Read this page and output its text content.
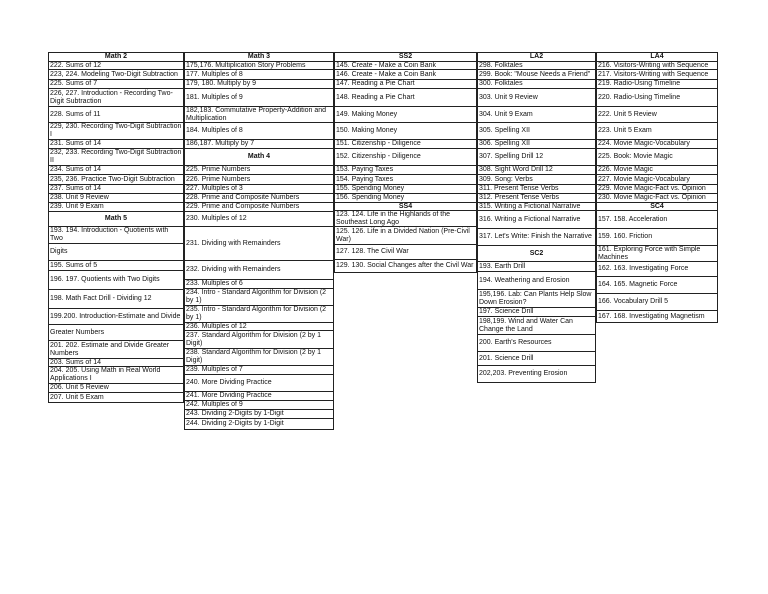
Math 2
222. Sums of 12
223, 224. Modeling Two-Digit Subtraction
225. Sums of 7
226, 227. Introduction - Recording Two-Digit Subtraction
228. Sums of 11
229, 230. Recording Two-Digit Subtraction I
231. Sums of 14
232, 233. Recording Two-Digit Subtraction II
234. Sums of 14
235, 236. Practice Two-Digit Subtraction
237. Sums of 14
238. Unit 9 Review
239. Unit 9 Exam
Math 5
193. 194. Introduction - Quotients with Two
Digits
195. Sums of 5
196. 197. Quotients with Two Digits
198. Math Fact Drill - Dividing 12
199.200. Introduction-Estimate and Divide
Greater Numbers
201. 202. Estimate and Divide Greater Numbers
203. Sums of 14
204. 205. Using Math in Real World Applications I
206. Unit 5 Review
207. Unit 5 Exam
Math 3
175,176. Multiplication Story Problems
177. Multiples of 8
179, 180. Multiply by 9
181. Multiples of 9
182,183. Commutative Property-Addition and Multiplication
184. Multiples of 8
186,187. Multiply by 7
Math 4
225. Prime Numbers
226. Prime Numbers
227. Multiples of 3
228. Prime and Composite Numbers
229. Prime and Composite Numbers
230. Multiples of 12
231. Dividing with Remainders
232. Dividing with Remainders
233. Multiples of 6
234. Intro - Standard Algorithm for Division (2 by 1)
235. Intro - Standard Algorithm for Division (2 by 1)
236. Multiples of 12
237. Standard Algorithm for Division (2 by 1 Digit)
238. Standard Algorithm for Division (2 by 1 Digit)
239. Multiples of 7
240. More Dividing Practice
241. More Dividing Practice
242. Multiples of 9
243. Dividing 2-Digits by 1-Digit
244. Dividing 2-Digits by 1-Digit
SS2
145. Create - Make a Coin Bank
146. Create - Make a Coin Bank
147. Reading a Pie Chart
148. Reading a Pie Chart
149. Making Money
150. Making Money
151. Citizenship - Diligence
152. Citizenship - Diligence
153. Paying Taxes
154. Paying Taxes
155. Spending Money
156. Spending Money
SS4
123. 124. Life in the Highlands of the Southeast Long Ago
125. 126. Life in a Divided Nation (Pre-Civil War)
127. 128. The Civil War
129. 130. Social Changes after the Civil War
LA2
298. Folktales
299. Book: "Mouse Needs a Friend"
300. Folktales
303. Unit 9 Review
304. Unit 9 Exam
305. Spelling XII
306. Spelling XII
307. Spelling Drill 12
308. Sight Word Drill 12
309. Song: Verbs
311. Present Tense Verbs
312. Present Tense Verbs
315. Writing a Fictional Narrative
316. Writing a Fictional Narrative
317. Let's Write: Finish the Narrative
SC2
193. Earth Drill
194. Weathering and Erosion
195,196. Lab: Can Plants Help Slow Down Erosion?
197. Science Drill
198,199. Wind and Water Can Change the Land
200. Earth's Resources
201. Science Drill
202,203. Preventing Erosion
LA4
216. Visitors-Writing with Sequence
217. Visitors-Writing with Sequence
219. Radio-Using Timeline
220. Radio-Using Timeline
222. Unit 5 Review
223. Unit 5 Exam
224. Movie Magic-Vocabulary
225. Book: Movie Magic
226. Movie Magic
227. Movie Magic-Vocabulary
229. Movie Magic-Fact vs. Opinion
230. Movie Magic-Fact vs. Opinion
SC4
157. 158. Acceleration
159. 160. Friction
161. Exploring Force with Simple Machines
162. 163. Investigating Force
164. 165. Magnetic Force
166. Vocabulary Drill 5
167. 168. Investigating Magnetism
